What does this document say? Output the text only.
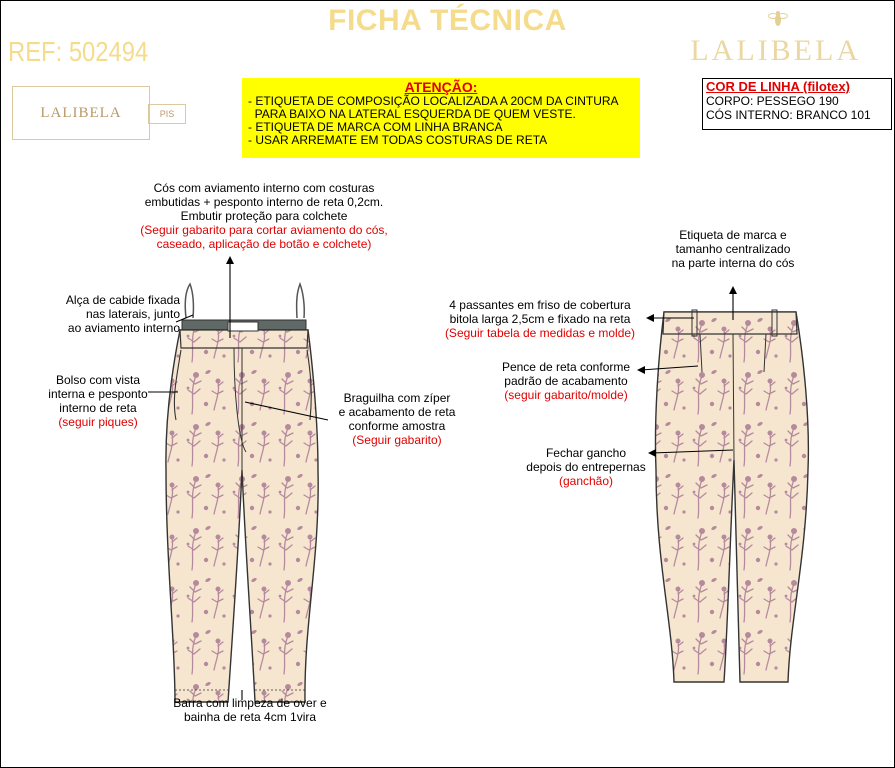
FICHA TÉCNICA
REF: 502494	LALIBELA
LALIBELA	PIS
ATENÇÃO:
- ETIQUETA DE COMPOSIÇÃO LOCALIZADA A 20CM DA CINTURA
PARA BAIXO NA LATERAL ESQUERDA DE QUEM VESTE.
- ETIQUETA DE MARCA COM LINHA BRANCA
- USAR ARREMATE EM TODAS COSTURAS DE RETA
COR DE LINHA (filotex)
CORPO: PESSEGO 190
CÓS INTERNO: BRANCO 101
Cós com aviamento interno com costuras
embutidas + pesponto interno de reta 0,2cm.
Embutir proteção para colchete
(Seguir gabarito para cortar aviamento do cós,
caseado, aplicação de botão e colchete)
Alça de cabide fixada
nas laterais, junto
ao aviamento interno
Bolso com vista
interna e pesponto
interno de reta
(seguir piques)
Braguilha com zíper
e acabamento de reta
conforme amostra
(Seguir gabarito)
Barra com limpeza de over e
bainha de reta 4cm 1vira
Etiqueta de marca e
tamanho centralizado
na parte interna do cós
4 passantes em friso de cobertura
bitola larga 2,5cm e fixado na reta
(Seguir tabela de medidas e molde)
Pence de reta conforme
padrão de acabamento
(seguir gabarito/molde)
Fechar gancho
depois do entrepernas
(ganchão)
